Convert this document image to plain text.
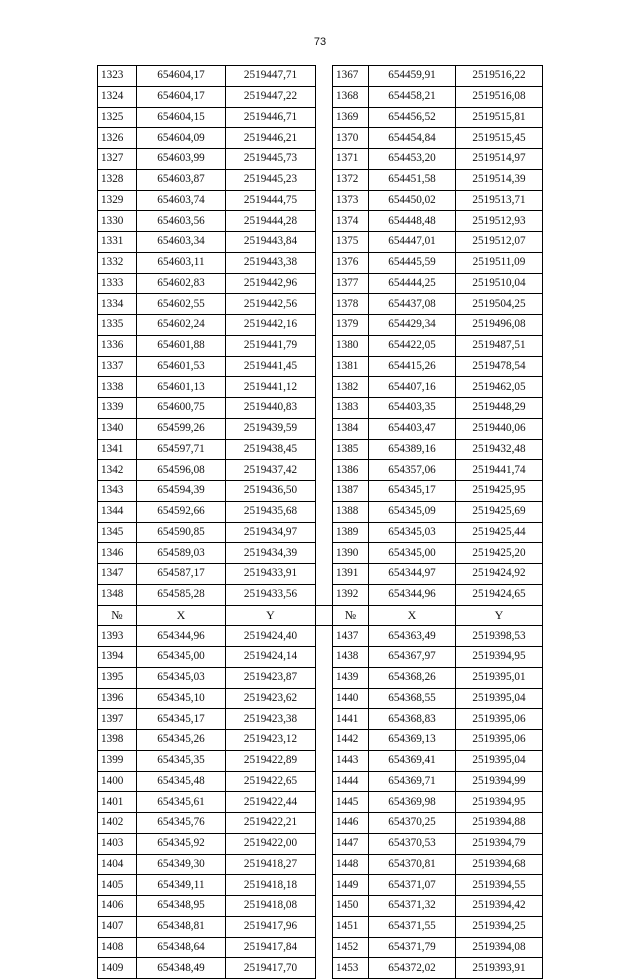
73
1323	654604,17	2519447,71		1367	654459,91	2519516,22
1324	654604,17	2519447,22		1368	654458,21	2519516,08
1325	654604,15	2519446,71		1369	654456,52	2519515,81
1326	654604,09	2519446,21		1370	654454,84	2519515,45
1327	654603,99	2519445,73		1371	654453,20	2519514,97
1328	654603,87	2519445,23		1372	654451,58	2519514,39
1329	654603,74	2519444,75		1373	654450,02	2519513,71
1330	654603,56	2519444,28		1374	654448,48	2519512,93
1331	654603,34	2519443,84		1375	654447,01	2519512,07
1332	654603,11	2519443,38		1376	654445,59	2519511,09
1333	654602,83	2519442,96		1377	654444,25	2519510,04
1334	654602,55	2519442,56		1378	654437,08	2519504,25
1335	654602,24	2519442,16		1379	654429,34	2519496,08
1336	654601,88	2519441,79		1380	654422,05	2519487,51
1337	654601,53	2519441,45		1381	654415,26	2519478,54
1338	654601,13	2519441,12		1382	654407,16	2519462,05
1339	654600,75	2519440,83		1383	654403,35	2519448,29
1340	654599,26	2519439,59		1384	654403,47	2519440,06
1341	654597,71	2519438,45		1385	654389,16	2519432,48
1342	654596,08	2519437,42		1386	654357,06	2519441,74
1343	654594,39	2519436,50		1387	654345,17	2519425,95
1344	654592,66	2519435,68		1388	654345,09	2519425,69
1345	654590,85	2519434,97		1389	654345,03	2519425,44
1346	654589,03	2519434,39		1390	654345,00	2519425,20
1347	654587,17	2519433,91		1391	654344,97	2519424,92
1348	654585,28	2519433,56		1392	654344,96	2519424,65
№	X	Y		№	X	Y
1393	654344,96	2519424,40		1437	654363,49	2519398,53
1394	654345,00	2519424,14		1438	654367,97	2519394,95
1395	654345,03	2519423,87		1439	654368,26	2519395,01
1396	654345,10	2519423,62		1440	654368,55	2519395,04
1397	654345,17	2519423,38		1441	654368,83	2519395,06
1398	654345,26	2519423,12		1442	654369,13	2519395,06
1399	654345,35	2519422,89		1443	654369,41	2519395,04
1400	654345,48	2519422,65		1444	654369,71	2519394,99
1401	654345,61	2519422,44		1445	654369,98	2519394,95
1402	654345,76	2519422,21		1446	654370,25	2519394,88
1403	654345,92	2519422,00		1447	654370,53	2519394,79
1404	654349,30	2519418,27		1448	654370,81	2519394,68
1405	654349,11	2519418,18		1449	654371,07	2519394,55
1406	654348,95	2519418,08		1450	654371,32	2519394,42
1407	654348,81	2519417,96		1451	654371,55	2519394,25
1408	654348,64	2519417,84		1452	654371,79	2519394,08
1409	654348,49	2519417,70		1453	654372,02	2519393,91
